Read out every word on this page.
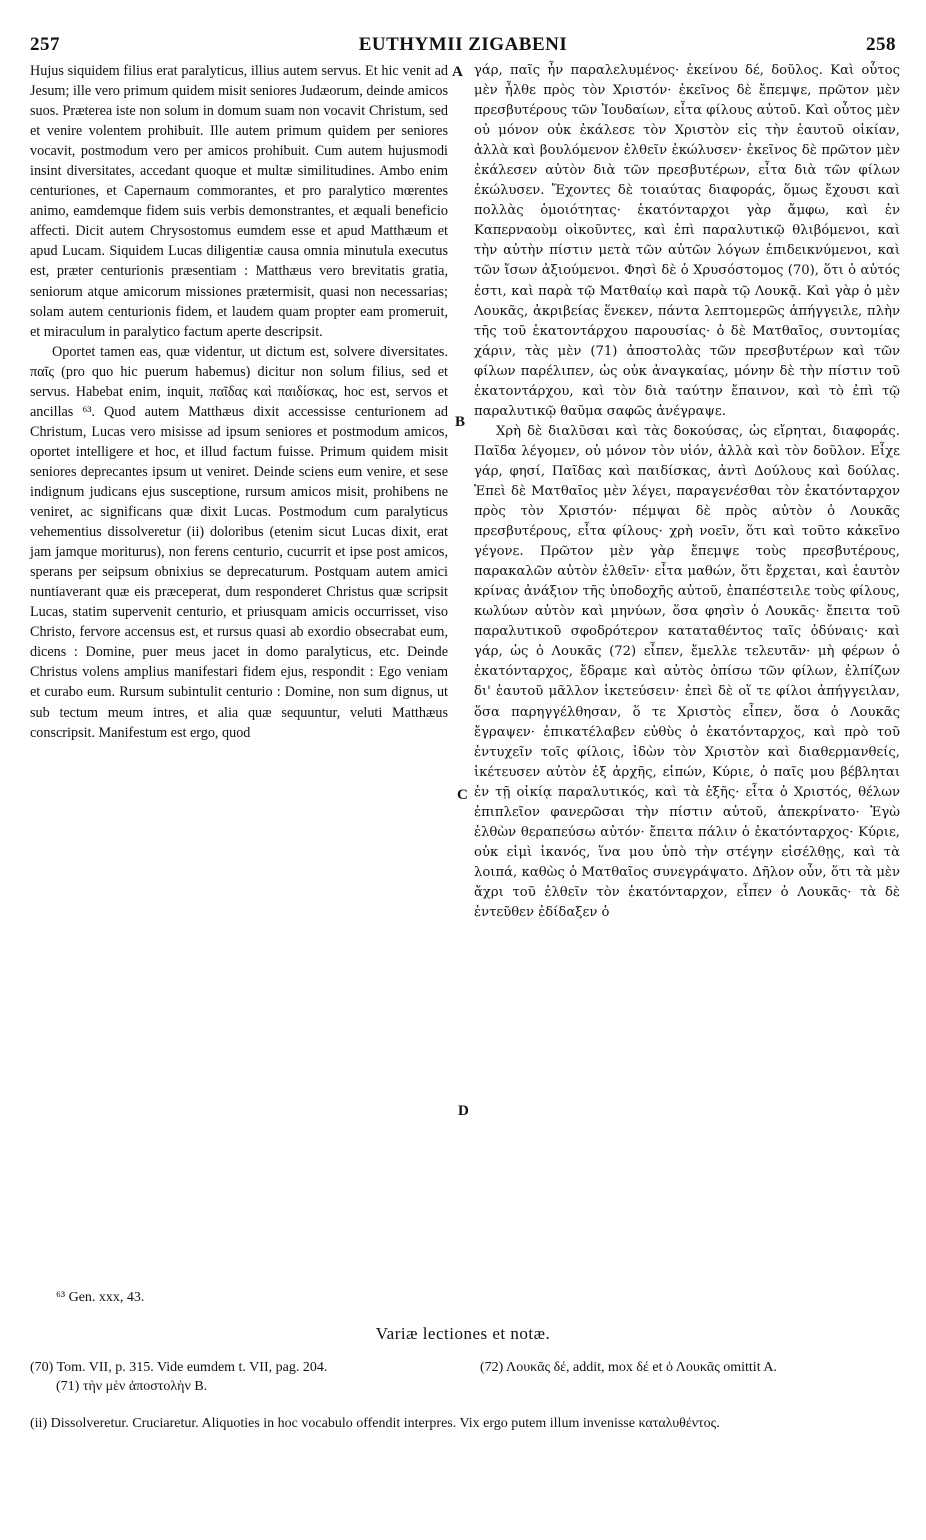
257	EUTHYMII ZIGABENI	258

Hujus siquidem filius erat paralyticus, illius autem servus. Et hic venit ad Jesum; ille vero primum quidem misit seniores Judæorum, deinde amicos suos. Præterea iste non solum in domum suam non vocavit Christum, sed et venire volentem prohibuit. Ille autem primum quidem per seniores vocavit, postmodum vero per amicos prohibuit. Cum autem hujusmodi insint diversitates, accedant quoque et multæ similitudines. Ambo enim centuriones, et Capernaum commorantes, et pro paralytico mœrentes animo, eamdemque fidem suis verbis demonstrantes, et æquali beneficio affecti. Dicit autem Chrysostomus eumdem esse et apud Matthæum et apud Lucam. Siquidem Lucas diligentiæ causa omnia minutula executus est, præter centurionis præsentiam : Matthæus vero brevitatis gratia, seniorum atque amicorum missiones prætermisit, quasi non necessarias; solam autem centurionis fidem, et laudem quam propter eam promeruit, et miraculum in paralytico factum aperte descripsit.

Oportet tamen eas, quæ videntur, ut dictum est, solvere diversitates. παῖς (pro quo hic puerum habemus) dicitur non solum filius, sed et servus. Habebat enim, inquit, παῖδας καὶ παιδίσκας, hoc est, servos et ancillas ⁶³. Quod autem Matthæus dixit accessisse centurionem ad Christum, Lucas vero misisse ad ipsum seniores et postmodum amicos, oportet intelligere et hoc, et illud factum fuisse. Primum quidem misit seniores deprecantes ipsum ut veniret. Deinde sciens eum venire, et sese indignum judicans ejus susceptione, rursum amicos misit, prohibens ne veniret, ac significans quæ dixit Lucas. Postmodum cum paralyticus vehementius dissolveretur (ii) doloribus (etenim sicut Lucas dixit, erat jam jamque moriturus), non ferens centurio, cucurrit et ipse post amicos, sperans per seipsum obnixius se deprecaturum. Postquam autem amici nuntiaverant quæ eis præceperat, dum responderet Christus quæ scripsit Lucas, statim supervenit centurio, et priusquam amicis occurrisset, viso Christo, fervore accensus est, et rursus quasi ab exordio obsecrabat eum, dicens : Domine, puer meus jacet in domo paralyticus, etc. Deinde Christus volens amplius manifestari fidem ejus, respondit : Ego veniam et curabo eum. Rursum subintulit centurio : Domine, non sum dignus, ut sub tectum meum intres, et alia quæ sequuntur, veluti Matthæus conscripsit. Manifestum est ergo, quod

A
B
C
D

γάρ, παῖς ἦν παραλελυμένος· ἐκείνου δέ, δοῦλος. Καὶ οὗτος μὲν ἦλθε πρὸς τὸν Χριστόν· ἐκεῖνος δὲ ἔπεμψε, πρῶτον μὲν πρεσβυτέρους τῶν Ἰουδαίων, εἶτα φίλους αὐτοῦ. Καὶ οὗτος μὲν οὐ μόνον οὐκ ἐκάλεσε τὸν Χριστὸν εἰς τὴν ἑαυτοῦ οἰκίαν, ἀλλὰ καὶ βουλόμενον ἐλθεῖν ἐκώλυσεν· ἐκεῖνος δὲ πρῶτον μὲν ἐκάλεσεν αὐτὸν διὰ τῶν πρεσβυτέρων, εἶτα διὰ τῶν φίλων ἐκώλυσεν. Ἔχοντες δὲ τοιαύτας διαφοράς, ὅμως ἔχουσι καὶ πολλὰς ὁμοιότητας· ἑκατόνταρχοι γὰρ ἄμφω, καὶ ἐν Καπερναοὺμ οἰκοῦντες, καὶ ἐπὶ παραλυτικῷ θλιβόμενοι, καὶ τὴν αὐτὴν πίστιν μετὰ τῶν αὐτῶν λόγων ἐπιδεικνύμενοι, καὶ τῶν ἴσων ἀξιούμενοι. Φησὶ δὲ ὁ Χρυσόστομος (70), ὅτι ὁ αὐτός ἐστι, καὶ παρὰ τῷ Ματθαίῳ καὶ παρὰ τῷ Λουκᾷ. Καὶ γὰρ ὁ μὲν Λουκᾶς, ἀκριβείας ἕνεκεν, πάντα λεπτομερῶς ἀπήγγειλε, πλὴν τῆς τοῦ ἑκατοντάρχου παρουσίας· ὁ δὲ Ματθαῖος, συντομίας χάριν, τὰς μὲν (71) ἀποστολὰς τῶν πρεσβυτέρων καὶ τῶν φίλων παρέλιπεν, ὡς οὐκ ἀναγκαίας, μόνην δὲ τὴν πίστιν τοῦ ἑκατοντάρχου, καὶ τὸν διὰ ταύτην ἔπαινον, καὶ τὸ ἐπὶ τῷ παραλυτικῷ θαῦμα σαφῶς ἀνέγραψε.

Χρὴ δὲ διαλῦσαι καὶ τὰς δοκούσας, ὡς εἴρηται, διαφοράς. Παῖδα λέγομεν, οὐ μόνον τὸν υἱόν, ἀλλὰ καὶ τὸν δοῦλον. Εἶχε γάρ, φησί, Παῖδας καὶ παιδίσκας, ἀντὶ Δούλους καὶ δούλας. Ἐπεὶ δὲ Ματθαῖος μὲν λέγει, παραγενέσθαι τὸν ἑκατόνταρχον πρὸς τὸν Χριστόν· πέμψαι δὲ πρὸς αὐτὸν ὁ Λουκᾶς πρεσβυτέρους, εἶτα φίλους· χρὴ νοεῖν, ὅτι καὶ τοῦτο κἀκεῖνο γέγονε. Πρῶτον μὲν γὰρ ἔπεμψε τοὺς πρεσβυτέρους, παρακαλῶν αὐτὸν ἐλθεῖν· εἶτα μαθών, ὅτι ἔρχεται, καὶ ἑαυτὸν κρίνας ἀνάξιον τῆς ὑποδοχῆς αὐτοῦ, ἐπαπέστειλε τοὺς φίλους, κωλύων αὐτὸν καὶ μηνύων, ὅσα φησὶν ὁ Λουκᾶς· ἔπειτα τοῦ παραλυτικοῦ σφοδρότερον καταταθέντος ταῖς ὀδύναις· καὶ γάρ, ὡς ὁ Λουκᾶς (72) εἶπεν, ἔμελλε τελευτᾶν· μὴ φέρων ὁ ἑκατόνταρχος, ἔδραμε καὶ αὐτὸς ὀπίσω τῶν φίλων, ἐλπίζων δι' ἑαυτοῦ μᾶλλον ἱκετεύσειν· ἐπεὶ δὲ οἵ τε φίλοι ἀπήγγειλαν, ὅσα παρηγγέλθησαν, ὅ τε Χριστὸς εἶπεν, ὅσα ὁ Λουκᾶς ἔγραψεν· ἐπικατέλαβεν εὐθὺς ὁ ἑκατόνταρχος, καὶ πρὸ τοῦ ἐντυχεῖν τοῖς φίλοις, ἰδὼν τὸν Χριστὸν καὶ διαθερμανθείς, ἱκέτευσεν αὐτὸν ἐξ ἀρχῆς, εἰπών, Κύριε, ὁ παῖς μου βέβληται ἐν τῇ οἰκίᾳ παραλυτικός, καὶ τὰ ἑξῆς· εἶτα ὁ Χριστός, θέλων ἐπιπλεῖον φανερῶσαι τὴν πίστιν αὐτοῦ, ἀπεκρίνατο· Ἐγὼ ἐλθὼν θεραπεύσω αὐτόν· ἔπειτα πάλιν ὁ ἑκατόνταρχος· Κύριε, οὐκ εἰμὶ ἱκανός, ἵνα μου ὑπὸ τὴν στέγην εἰσέλθῃς, καὶ τὰ λοιπά, καθὼς ὁ Ματθαῖος συνεγράψατο. Δῆλον οὖν, ὅτι τὰ μὲν ἄχρι τοῦ ἐλθεῖν τὸν ἑκατόνταρχον, εἶπεν ὁ Λουκᾶς· τὰ δὲ ἐντεῦθεν ἐδίδαξεν ὁ

⁶³ Gen. xxx, 43.
Variæ lectiones et notæ.
(70) Tom. VII, p. 315. Vide eumdem t. VII, pag. 204.
(71) τὴν μὲν ἀποστολὴν B.
(72) Λουκᾶς δέ, addit, mox δέ et ὁ Λουκᾶς omittit A.
(ii) Dissolveretur. Cruciaretur. Aliquoties in hoc vocabulo offendit interpres. Vix ergo putem illum invenisse καταλυθέντος.
